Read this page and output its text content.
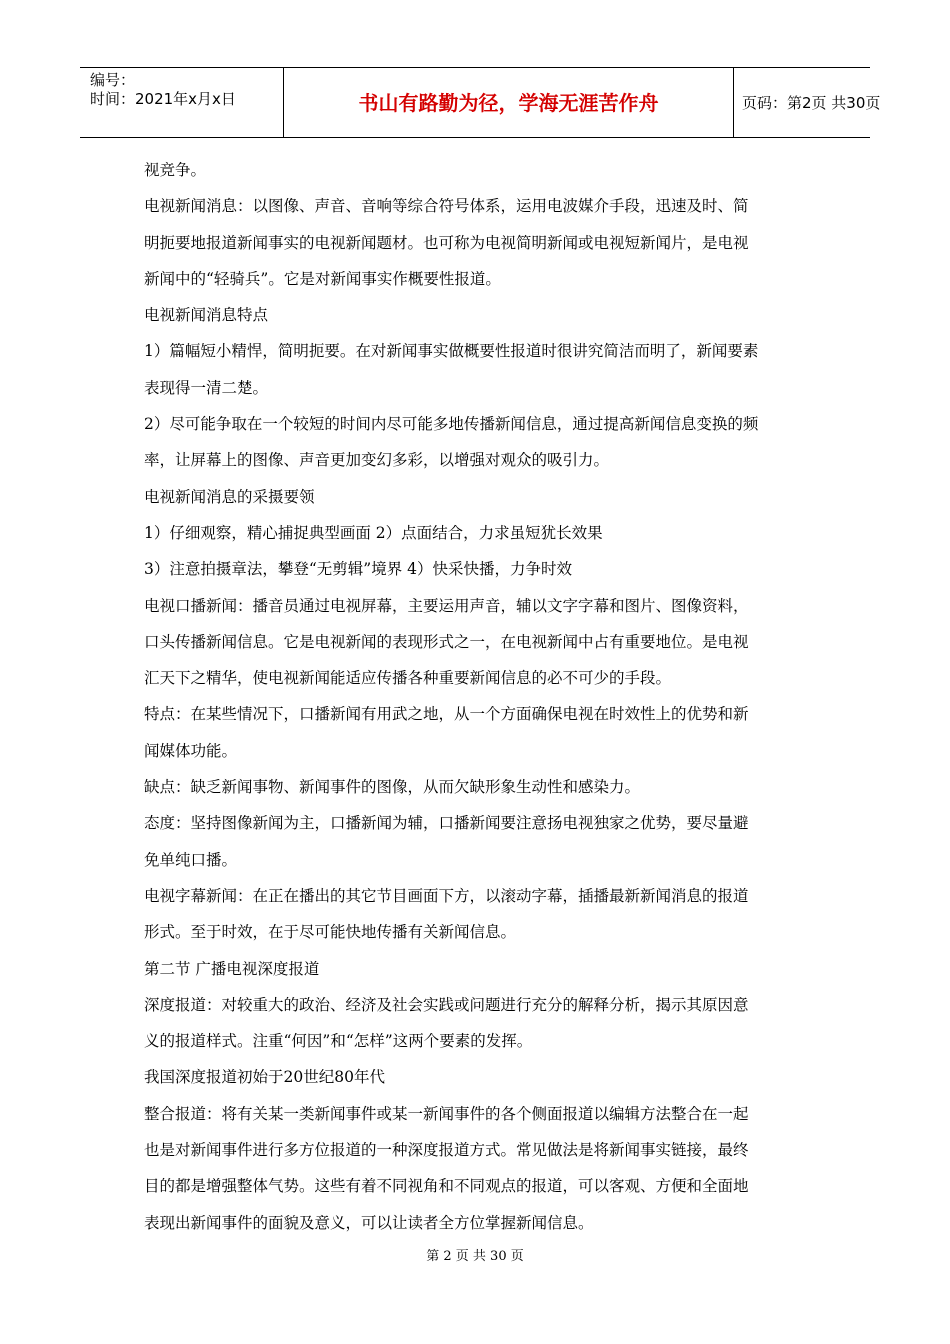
编号：
时间：2021年x月x日	书山有路勤为径，学海无涯苦作舟	页码：第2页 共30页

视竞争。

电视新闻消息：以图像、声音、音响等综合符号体系，运用电波媒介手段，迅速及时、简

明扼要地报道新闻事实的电视新闻题材。也可称为电视简明新闻或电视短新闻片，是电视

新闻中的“轻骑兵”。它是对新闻事实作概要性报道。

电视新闻消息特点

1）篇幅短小精悍，简明扼要。在对新闻事实做概要性报道时很讲究简洁而明了，新闻要素

表现得一清二楚。

2）尽可能争取在一个较短的时间内尽可能多地传播新闻信息，通过提高新闻信息变换的频

率，让屏幕上的图像、声音更加变幻多彩，以增强对观众的吸引力。

电视新闻消息的采摄要领

1）仔细观察，精心捕捉典型画面 2）点面结合，力求虽短犹长效果

3）注意拍摄章法，攀登“无剪辑”境界 4）快采快播，力争时效

电视口播新闻：播音员通过电视屏幕，主要运用声音，辅以文字字幕和图片、图像资料，

口头传播新闻信息。它是电视新闻的表现形式之一，在电视新闻中占有重要地位。是电视

汇天下之精华，使电视新闻能适应传播各种重要新闻信息的必不可少的手段。

特点：在某些情况下，口播新闻有用武之地，从一个方面确保电视在时效性上的优势和新

闻媒体功能。

缺点：缺乏新闻事物、新闻事件的图像，从而欠缺形象生动性和感染力。

态度：坚持图像新闻为主，口播新闻为辅，口播新闻要注意扬电视独家之优势，要尽量避

免单纯口播。

电视字幕新闻：在正在播出的其它节目画面下方，以滚动字幕，插播最新新闻消息的报道

形式。至于时效，在于尽可能快地传播有关新闻信息。

第二节 广播电视深度报道

深度报道：对较重大的政治、经济及社会实践或问题进行充分的解释分析，揭示其原因意

义的报道样式。注重“何因”和“怎样”这两个要素的发挥。

我国深度报道初始于20世纪80年代

整合报道：将有关某一类新闻事件或某一新闻事件的各个侧面报道以编辑方法整合在一起

也是对新闻事件进行多方位报道的一种深度报道方式。常见做法是将新闻事实链接，最终

目的都是增强整体气势。这些有着不同视角和不同观点的报道，可以客观、方便和全面地

表现出新闻事件的面貌及意义，可以让读者全方位掌握新闻信息。

第 2 页 共 30 页
